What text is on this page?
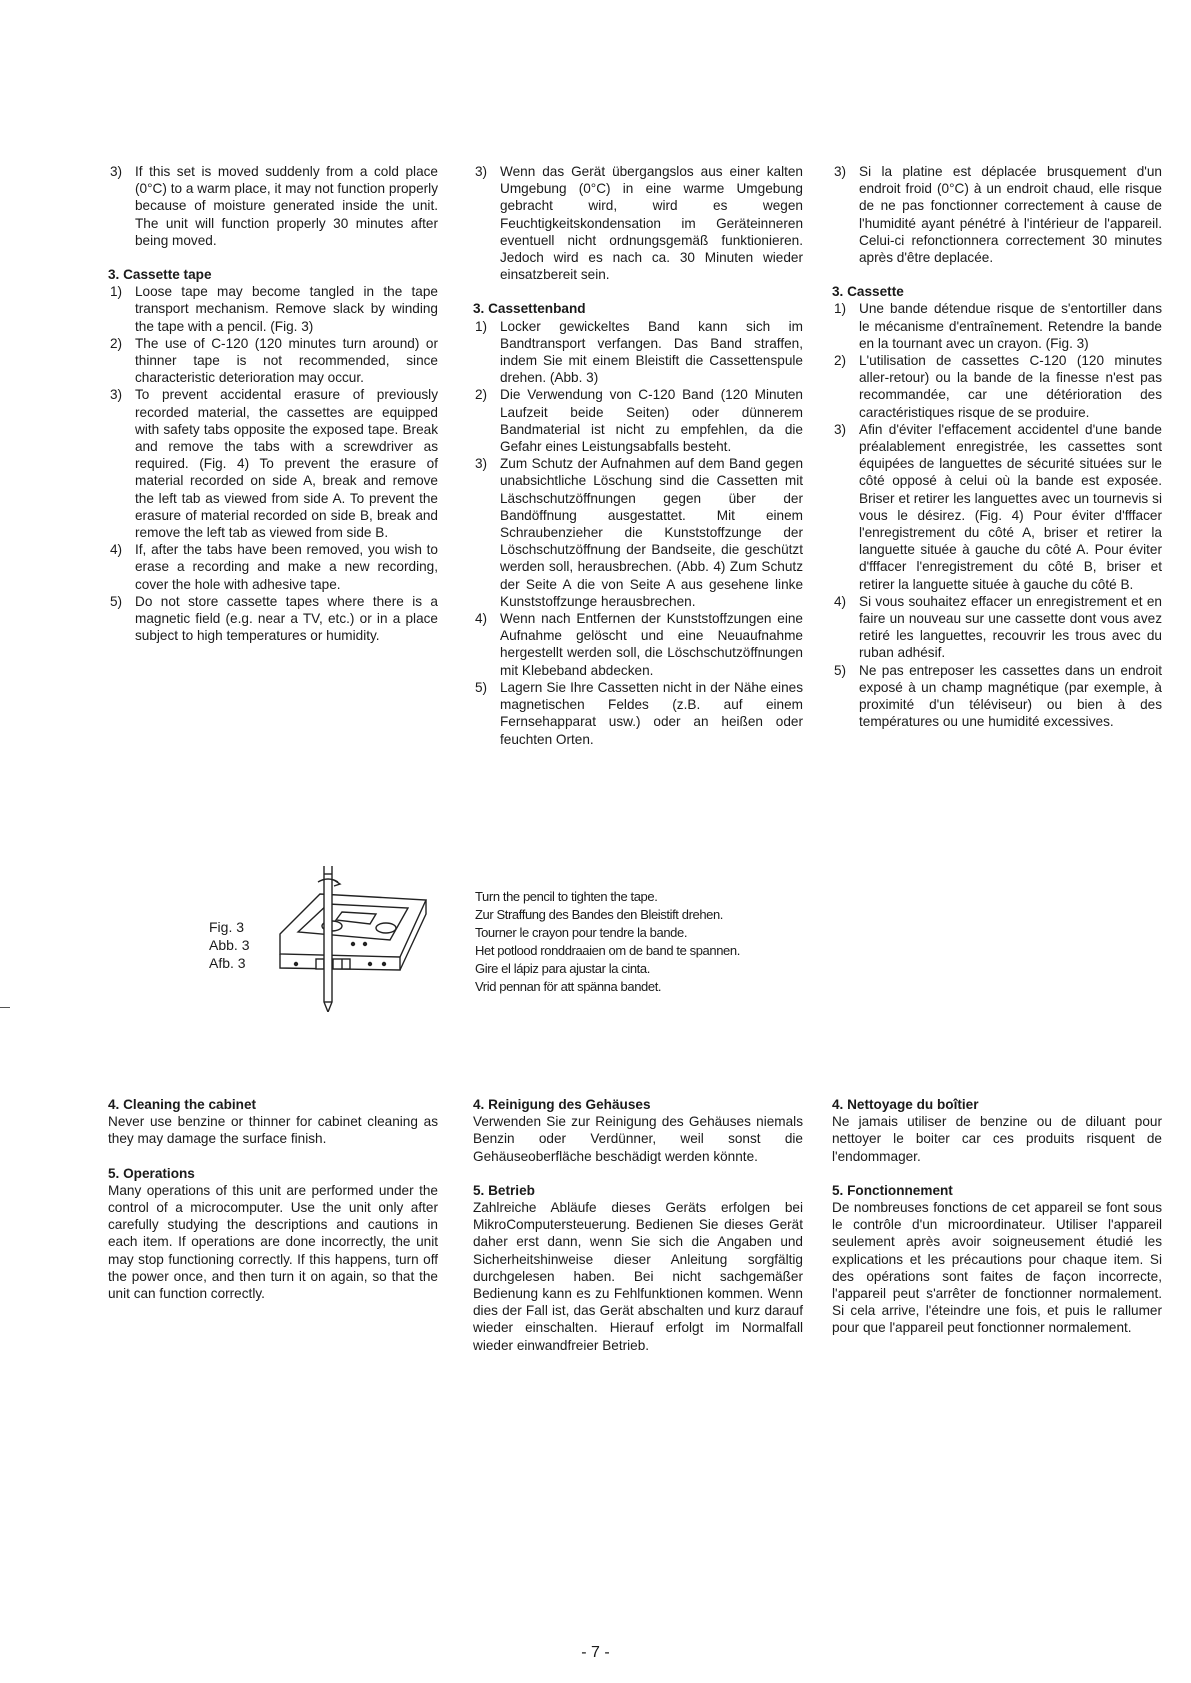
3) If this set is moved suddenly from a cold place (0°C) to a warm place, it may not function properly because of moisture generated inside the unit. The unit will function properly 30 minutes after being moved.

3. Cassette tape

1) Loose tape may become tangled in the tape transport mechanism. Remove slack by winding the tape with a pencil. (Fig. 3)
2) The use of C-120 (120 minutes turn around) or thinner tape is not recommended, since characteristic deterioration may occur.
3) To prevent accidental erasure of previously recorded material, the cassettes are equipped with safety tabs opposite the exposed tape. Break and remove the tabs with a screwdriver as required. (Fig. 4) To prevent the erasure of material recorded on side A, break and remove the left tab as viewed from side A. To prevent the erasure of material recorded on side B, break and remove the left tab as viewed from side B.
4) If, after the tabs have been removed, you wish to erase a recording and make a new recording, cover the hole with adhesive tape.
5) Do not store cassette tapes where there is a magnetic field (e.g. near a TV, etc.) or in a place subject to high temperatures or humidity.
3) Wenn das Gerät übergangslos aus einer kalten Umgebung (0°C) in eine warme Umgebung gebracht wird, wird es wegen Feuchtigkeitskondensation im Geräteinneren eventuell nicht ordnungsgemäß funktionieren. Jedoch wird es nach ca. 30 Minuten wieder einsatzbereit sein.

3. Cassettenband

1) Locker gewickeltes Band kann sich im Bandtransport verfangen. Das Band straffen, indem Sie mit einem Bleistift die Cassettenspule drehen. (Abb. 3)
2) Die Verwendung von C-120 Band (120 Minuten Laufzeit beide Seiten) oder dünnerem Bandmaterial ist nicht zu empfehlen, da die Gefahr eines Leistungsabfalls besteht.
3) Zum Schutz der Aufnahmen auf dem Band gegen unabsichtliche Löschung sind die Cassetten mit Läschschutzöffnungen gegen über der Bandöffnung ausgestattet. Mit einem Schraubenzieher die Kunststoffzunge der Löschschutzöffnung der Bandseite, die geschützt werden soll, herausbrechen. (Abb. 4) Zum Schutz der Seite A die von Seite A aus gesehene linke Kunststoffzunge herausbrechen.
4) Wenn nach Entfernen der Kunststoffzungen eine Aufnahme gelöscht und eine Neuaufnahme hergestellt werden soll, die Löschschutzöffnungen mit Klebeband abdecken.
5) Lagern Sie Ihre Cassetten nicht in der Nähe eines magnetischen Feldes (z.B. auf einem Fernsehapparat usw.) oder an heißen oder feuchten Orten.
3) Si la platine est déplacée brusquement d'un endroit froid (0°C) à un endroit chaud, elle risque de ne pas fonctionner correctement à cause de l'humidité ayant pénétré à l'intérieur de l'appareil. Celui-ci refonctionnera correctement 30 minutes après d'être deplacée.

3. Cassette

1) Une bande détendue risque de s'entortiller dans le mécanisme d'entraînement. Retendre la bande en la tournant avec un crayon. (Fig. 3)
2) L'utilisation de cassettes C-120 (120 minutes aller-retour) ou la bande de la finesse n'est pas recommandée, car une détérioration des caractéristiques risque de se produire.
3) Afin d'éviter l'effacement accidentel d'une bande préalablement enregistrée, les cassettes sont équipées de languettes de sécurité situées sur le côté opposé à celui où la bande est exposée. Briser et retirer les languettes avec un tournevis si vous le désirez. (Fig. 4) Pour éviter d'fffacer l'enregistrement du côté A, briser et retirer la languette située à gauche du côté A. Pour éviter d'fffacer l'enregistrement du côté B, briser et retirer la languette située à gauche du côté B.
4) Si vous souhaitez effacer un enregistrement et en faire un nouveau sur une cassette dont vous avez retiré les languettes, recouvrir les trous avec du ruban adhésif.
5) Ne pas entreposer les cassettes dans un endroit exposé à un champ magnétique (par exemple, à proximité d'un téléviseur) ou bien à des températures ou une humidité excessives.
Fig. 3
Abb. 3
Afb. 3
Turn the pencil to tighten the tape.
Zur Straffung des Bandes den Bleistift drehen.
Tourner le crayon pour tendre la bande.
Het potlood ronddraaien om de band te spannen.
Gire el lápiz para ajustar la cinta.
Vrid pennan för att spänna bandet.

4. Cleaning the cabinet

Never use benzine or thinner for cabinet cleaning as they may damage the surface finish.

5. Operations

Many operations of this unit are performed under the control of a microcomputer. Use the unit only after carefully studying the descriptions and cautions in each item. If operations are done incorrectly, the unit may stop functioning correctly. If this happens, turn off the power once, and then turn it on again, so that the unit can function correctly.

4. Reinigung des Gehäuses

Verwenden Sie zur Reinigung des Gehäuses niemals Benzin oder Verdünner, weil sonst die Gehäuseoberfläche beschädigt werden könnte.

5. Betrieb

Zahlreiche Abläufe dieses Geräts erfolgen bei MikroComputersteuerung. Bedienen Sie dieses Gerät daher erst dann, wenn Sie sich die Angaben und Sicherheitshinweise dieser Anleitung sorgfältig durchgelesen haben. Bei nicht sachgemäßer Bedienung kann es zu Fehlfunktionen kommen. Wenn dies der Fall ist, das Gerät abschalten und kurz darauf wieder einschalten. Hierauf erfolgt im Normalfall wieder einwandfreier Betrieb.

4. Nettoyage du boîtier

Ne jamais utiliser de benzine ou de diluant pour nettoyer le boiter car ces produits risquent de l'endommager.

5. Fonctionnement

De nombreuses fonctions de cet appareil se font sous le contrôle d'un microordinateur. Utiliser l'appareil seulement après avoir soigneusement étudié les explications et les précautions pour chaque item. Si des opérations sont faites de façon incorrecte, l'appareil peut s'arrêter de fonctionner normalement. Si cela arrive, l'éteindre une fois, et puis le rallumer pour que l'appareil peut fonctionner normalement.

- 7 -
